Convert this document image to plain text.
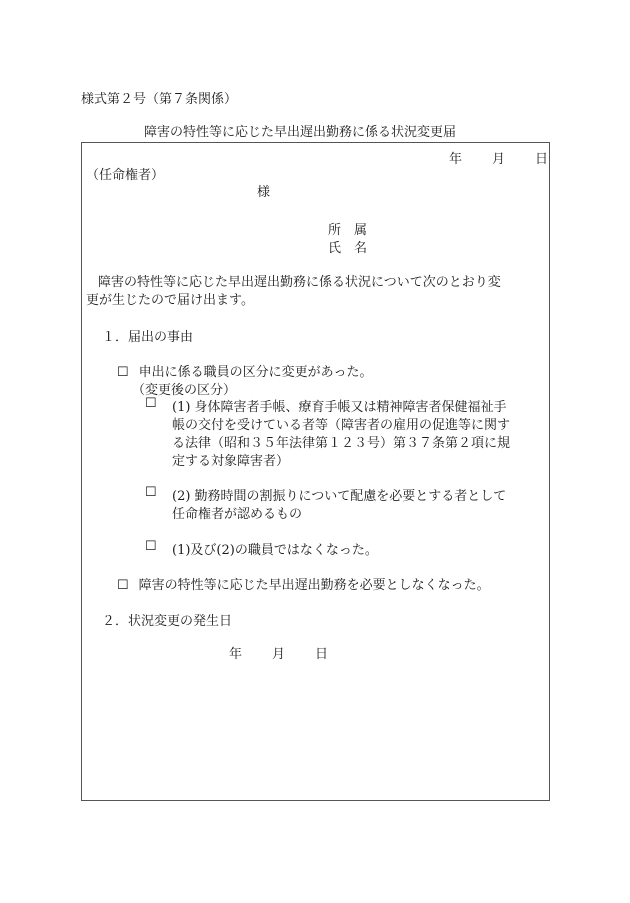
様式第２号（第７条関係）
障害の特性等に応じた早出遅出勤務に係る状況変更届
年 月 日
（任命権者）
様
所 属
氏 名
障害の特性等に応じた早出遅出勤務に係る状況について次のとおり変
更が生じたので届け出ます。
１．届出の事由
☐ 申出に係る職員の区分に変更があった。
（変更後の区分）
☐ (1) 身体障害者手帳、療育手帳又は精神障害者保健福祉手
帳の交付を受けている者等（障害者の雇用の促進等に関す
る法律（昭和３５年法律第１２３号）第３７条第２項に規
定する対象障害者）
☐ (2) 勤務時間の割振りについて配慮を必要とする者として
任命権者が認めるもの
☐ (1)及び(2)の職員ではなくなった。
☐ 障害の特性等に応じた早出遅出勤務を必要としなくなった。
２．状況変更の発生日
年 月 日
